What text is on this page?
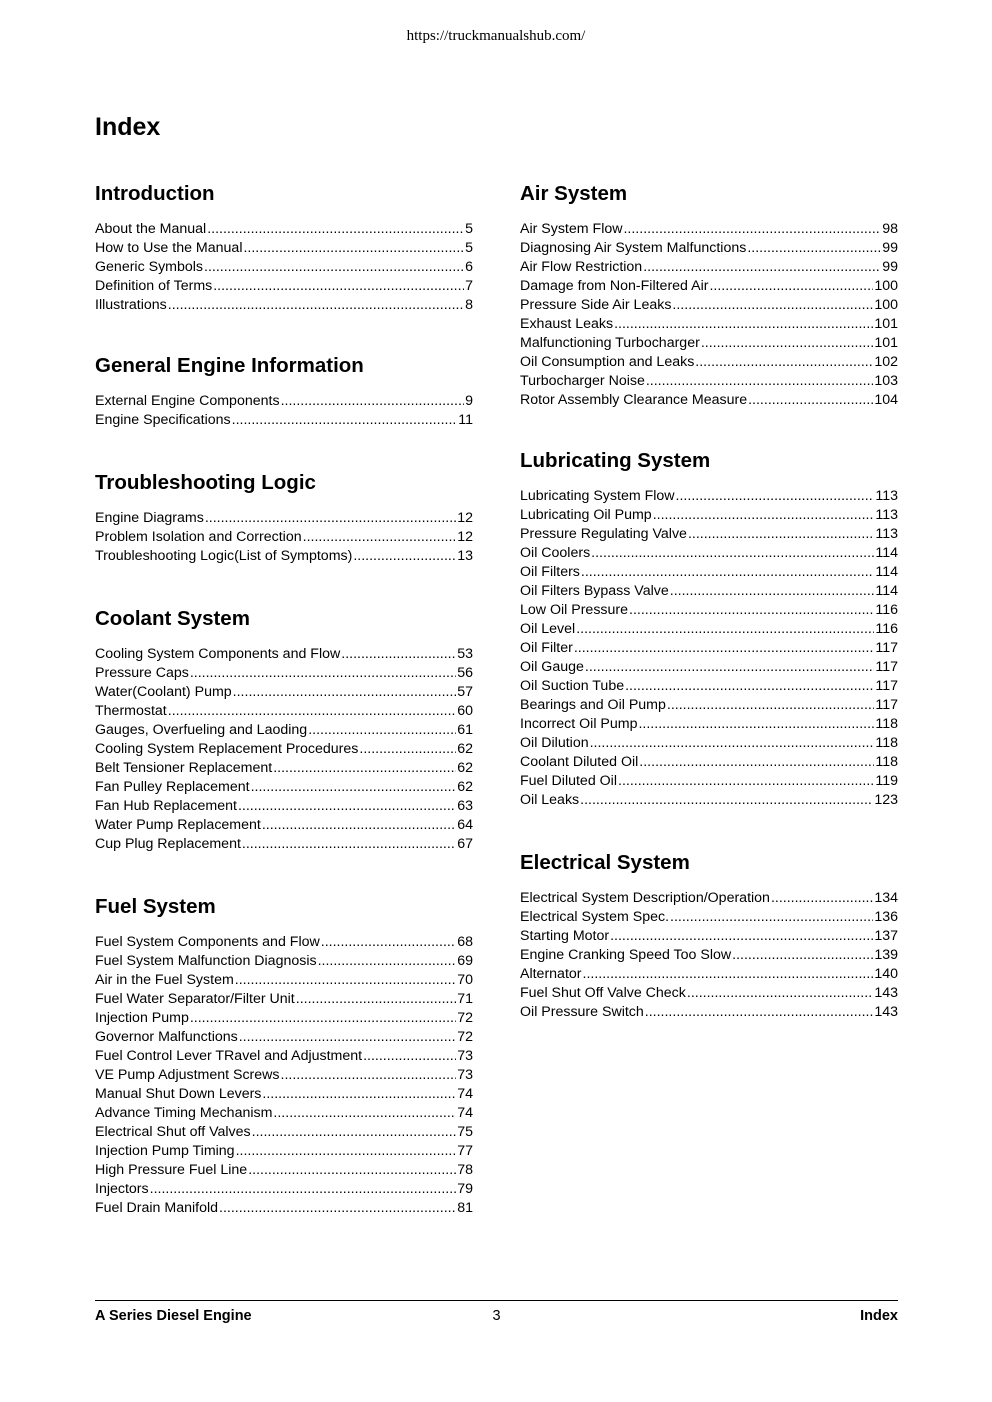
https://truckmanualshub.com/
Index
Introduction
About the Manual .....	5
How to Use the Manual .....	5
Generic Symbols .....	6
Definition of Terms .....	7
Illustrations .....	8
General Engine Information
External Engine Components .....	9
Engine Specifications .....	11
Troubleshooting Logic
Engine Diagrams .....	12
Problem Isolation and Correction .....	12
Troubleshooting Logic(List of Symptoms) .....	13
Coolant System
Cooling System Components and Flow .....	53
Pressure Caps .....	56
Water(Coolant) Pump .....	57
Thermostat .....	60
Gauges, Overfueling and Laoding .....	61
Cooling System Replacement Procedures .....	62
Belt Tensioner Replacement .....	62
Fan Pulley Replacement .....	62
Fan Hub Replacement .....	63
Water Pump Replacement .....	64
Cup Plug Replacement .....	67
Fuel System
Fuel System Components and Flow .....	68
Fuel System Malfunction Diagnosis .....	69
Air in the Fuel System .....	70
Fuel Water Separator/Filter Unit .....	71
Injection Pump .....	72
Governor Malfunctions .....	72
Fuel Control Lever TRavel and Adjustment .....	73
VE Pump Adjustment Screws .....	73
Manual Shut Down Levers .....	74
Advance Timing Mechanism .....	74
Electrical Shut off Valves .....	75
Injection Pump Timing .....	77
High Pressure Fuel Line .....	78
Injectors .....	79
Fuel Drain Manifold .....	81
Air System
Air System Flow .....	98
Diagnosing Air System Malfunctions .....	99
Air Flow Restriction .....	99
Damage from Non-Filtered Air .....	100
Pressure Side Air Leaks .....	100
Exhaust Leaks .....	101
Malfunctioning Turbocharger .....	101
Oil Consumption and Leaks .....	102
Turbocharger Noise .....	103
Rotor Assembly Clearance Measure .....	104
Lubricating System
Lubricating System Flow .....	113
Lubricating Oil Pump .....	113
Pressure Regulating Valve .....	113
Oil Coolers .....	114
Oil Filters .....	114
Oil Filters Bypass Valve .....	114
Low Oil Pressure .....	116
Oil Level .....	116
Oil Filter .....	117
Oil Gauge .....	117
Oil Suction Tube .....	117
Bearings and Oil Pump .....	117
Incorrect Oil Pump .....	118
Oil Dilution .....	118
Coolant Diluted Oil .....	118
Fuel Diluted Oil .....	119
Oil Leaks .....	123
Electrical System
Electrical System Description/Operation .....	134
Electrical System Spec. .....	136
Starting Motor .....	137
Engine Cranking Speed Too Slow .....	139
Alternator .....	140
Fuel Shut Off Valve Check .....	143
Oil Pressure Switch .....	143
A Series Diesel Engine	3	Index
